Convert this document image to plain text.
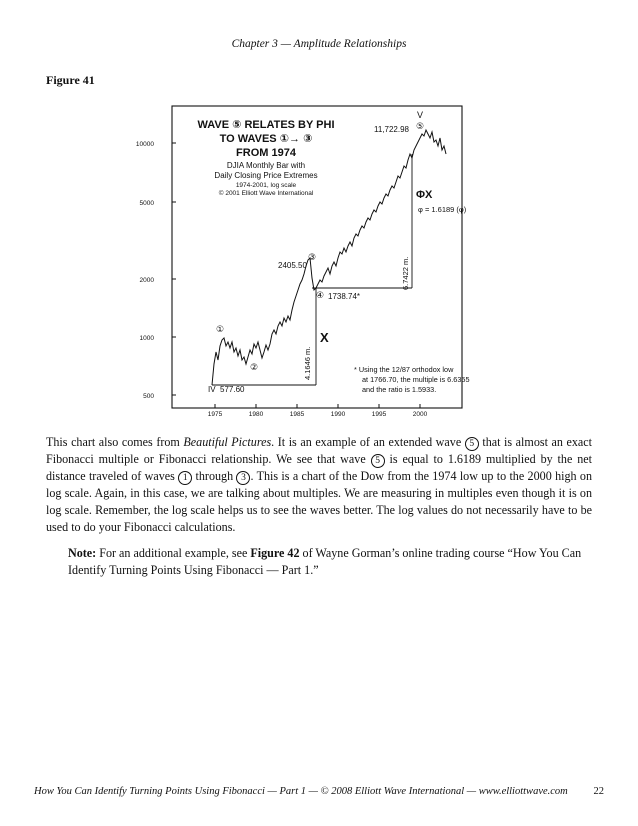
Chapter 3 — Amplitude Relationships
Figure 41
10000
5000
2000
1000
500
1975	1980	1985	1990	1995	2000
WAVE ⑤ RELATES BY PHI
TO WAVES ①→ ③
FROM 1974
DJIA Monthly Bar with
Daily Closing Price Extremes
1974-2001, log scale
© 2001 Elliott Wave International
①
②
③
④
⑤
V
11,722.98
2405.50
1738.74*
IV 577.60
X
ΦX
φ = 1.6189 (φ)
4.1646 m.
6.7422 m.
* Using the 12/87 orthodox low
at 1766.70, the multiple is 6.6355
and the ratio is 1.5933.
This chart also comes from Beautiful Pictures. It is an example of an extended wave 5 that is almost an exact Fibonacci multiple or Fibonacci relationship. We see that wave 5 is equal to 1.6189 multiplied by the net distance traveled of waves 1 through 3 . This is a chart of the Dow from the 1974 low up to the 2000 high on log scale. Again, in this case, we are talking about multiples. We are measuring in multiples even though it is on log scale. Remember, the log scale helps us to see the waves better. The log values do not necessarily have to be used to do your Fibonacci calculations.
Note: For an additional example, see Figure 42 of Wayne Gorman’s online trading course “How You Can Identify Turning Points Using Fibonacci — Part 1.”
How You Can Identify Turning Points Using Fibonacci — Part 1 — © 2008 Elliott Wave International — www.elliottwave.com 22
